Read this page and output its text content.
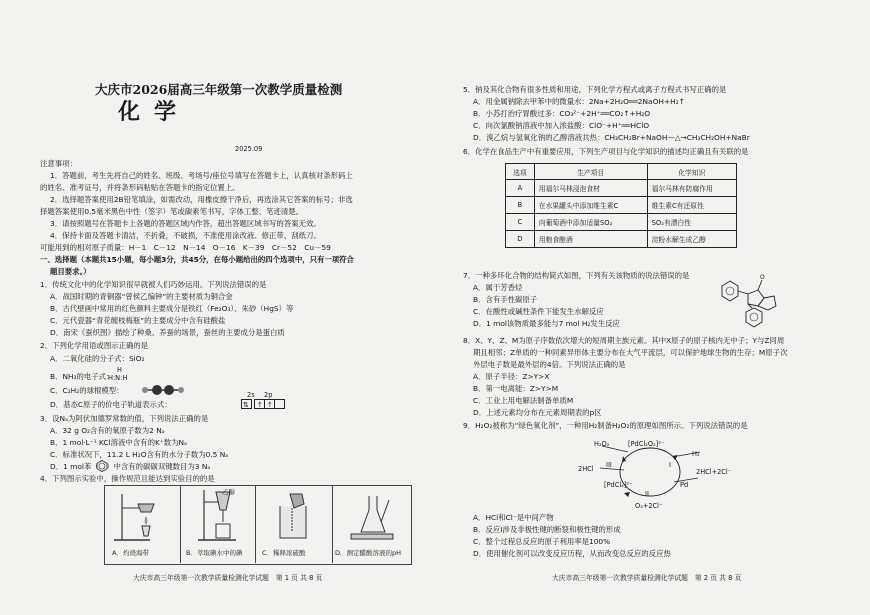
大庆市2026届高三年级第一次教学质量检测
化学
2025.09
注意事项：
1．答题前，考生先将自己的姓名、班级、考场号/座位号填写在答题卡上，认真核对条形码上
的姓名、准考证号，并将条形码粘贴在答题卡的指定位置上。
2．选择题答案使用2B铅笔填涂，如需改动，用橡皮擦干净后，再选涂其它答案的标号；非选
择题答案使用0.5毫米黑色中性（签字）笔或碳素笔书写，字体工整、笔迹清楚。
3．请按照题号在答题卡上各题的答题区域内作答，超出答题区域书写的答案无效。
4．保持卡面及答题卡清洁，不折叠，不破损，不准使用涂改液、修正带、刮纸刀。
可能用到的相对原子质量：H－1　C－12　N－14　O－16　K－39　Cr－52　Cu－59
一、选择题（本题共15小题，每小题3分，共45分，在每小题给出的四个选项中，只有一项符合
题目要求。）
1．传统文化中的化学知识很早就被人们巧妙运用。下列说法错误的是
A．战国时期的青铜器“曾侯乙编钟”的主要材质为铜合金
B．古代壁画中常用的红色颜料主要成分是铁红（Fe₂O₃）、朱砂（HgS）等
C．元代瓷器“青花缠枝梅瓶”的主要成分中含有硅酸盐
D．南宋《蚕织图》描绘了种桑、养蚕的场景，蚕丝的主要成分是蛋白质
2．下列化学用语或图示正确的是
A．二氧化硅的分子式：SiO₂
B．NH₃的电子式：
H
H:N:H
C．C₂H₂的球棍模型：
D．基态C原子的价电子轨道表示式：
2s 2p
⇅ ↑ ↑
3．设Nₐ为阿伏加德罗常数的值，下列说法正确的是
A．32 g O₂含有的氧原子数为2 Nₐ
B．1 mol·L⁻¹ KCl溶液中含有的K⁺数为Nₐ
C．标准状况下，11.2 L H₂O含有的水分子数为0.5 Nₐ
D．1 mol苯（　）中含有的碳碳双键数目为3 Nₐ
4．下列图示实验中，操作规范且能达到实验目的的是
乙醇
A．灼烧海带	B．萃取碘水中的碘	C．稀释浓硫酸	D．测定醋酸溶液的pH
大庆市高三年级第一次教学质量检测化学试题　第 1 页 共 8 页
5．钠及其化合物有很多性质和用途，下列化学方程式或离子方程式书写正确的是
A．用金属钠除去甲苯中的微量水：2Na+2H₂O══2NaOH+H₂↑
B．小苏打治疗胃酸过多：CO₃²⁻+2H⁺══CO₂↑+H₂O
C．向次氯酸钠溶液中加入浓盐酸：ClO⁻+H⁺══HClO
D．溴乙烷与氢氧化钠的乙醇溶液共热：CH₃CH₂Br+NaOH—△→CH₃CH₂OH+NaBr
6．化学在食品生产中有重要应用，下列生产项目与化学知识的描述均正确且有关联的是
选项	生产项目	化学知识
A	用福尔马林浸泡食材	福尔马林有防腐作用
B	在水果罐头中添加维生素C	维生素C有还原性
C	向葡萄酒中添加适量SO₂	SO₂有漂白性
D	用粮食酿酒	淀粉水解生成乙醇
7．一种多环化合物的结构简式如图，下列有关该物质的说法错误的是
A．属于芳香烃
B．含有手性碳原子
C．在酸性或碱性条件下能发生水解反应
D．1 mol该物质最多能与7 mol H₂发生反应
O
8．X、Y、Z、M为原子序数依次增大的短周期主族元素。其中X原子的原子核内无中子；Y与Z同周
期且相邻；Z单质的一种同素异形体主要分布在大气平流层，可以保护地球生物的生存；M原子次
外层电子数是最外层的4倍。下列说法正确的是
A．原子半径：Z>Y>X
B．第一电离能：Z>Y>M
C．工业上用电解法制备单质M
D．上述元素均分布在元素周期表的p区
9．H₂O₂被称为“绿色氧化剂”，一种用H₂制备H₂O₂的原理如图所示。下列说法错误的是
H₂O₂	[PdCl₂O₂]²⁻
H₂
2HCl III	I
2HCl+2Cl⁻
[PdCl₄]²⁻	Pd
II
O₂+2Cl⁻
A．HCl和Cl⁻是中间产物
B．反应I涉及非极性键的断裂和极性键的形成
C．整个过程总反应的原子利用率是100%
D．使用催化剂可以改变反应历程，从而改变总反应的反应热
大庆市高三年级第一次教学质量检测化学试题　第 2 页 共 8 页
